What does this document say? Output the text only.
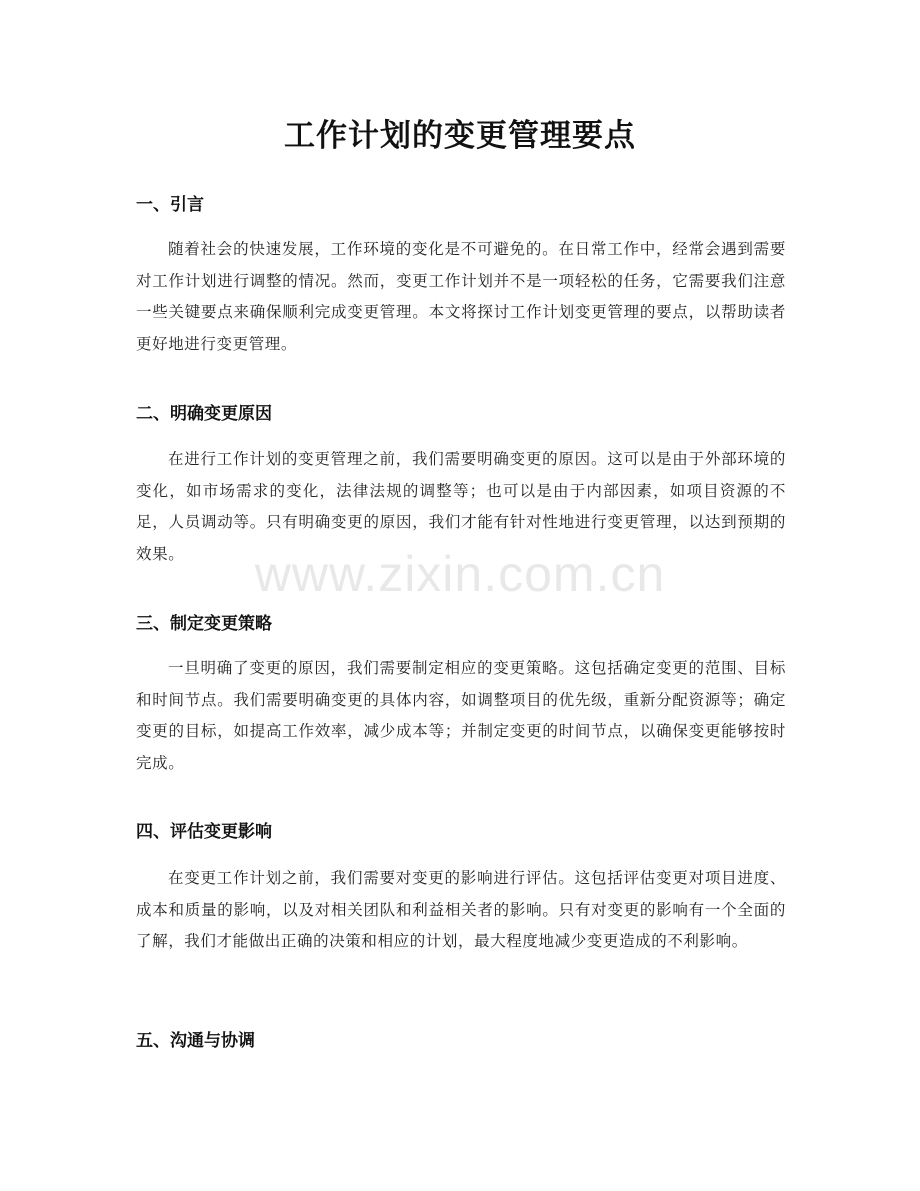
工作计划的变更管理要点
一、引言

随着社会的快速发展，工作环境的变化是不可避免的。在日常工作中，经常会遇到需要对工作计划进行调整的情况。然而，变更工作计划并不是一项轻松的任务，它需要我们注意一些关键要点来确保顺利完成变更管理。本文将探讨工作计划变更管理的要点，以帮助读者更好地进行变更管理。

二、明确变更原因

在进行工作计划的变更管理之前，我们需要明确变更的原因。这可以是由于外部环境的变化，如市场需求的变化，法律法规的调整等；也可以是由于内部因素，如项目资源的不足，人员调动等。只有明确变更的原因，我们才能有针对性地进行变更管理，以达到预期的效果。

三、制定变更策略

一旦明确了变更的原因，我们需要制定相应的变更策略。这包括确定变更的范围、目标和时间节点。我们需要明确变更的具体内容，如调整项目的优先级，重新分配资源等；确定变更的目标，如提高工作效率，减少成本等；并制定变更的时间节点，以确保变更能够按时完成。

四、评估变更影响

在变更工作计划之前，我们需要对变更的影响进行评估。这包括评估变更对项目进度、成本和质量的影响，以及对相关团队和利益相关者的影响。只有对变更的影响有一个全面的了解，我们才能做出正确的决策和相应的计划，最大程度地减少变更造成的不利影响。

五、沟通与协调
www.zixin.com.cn
